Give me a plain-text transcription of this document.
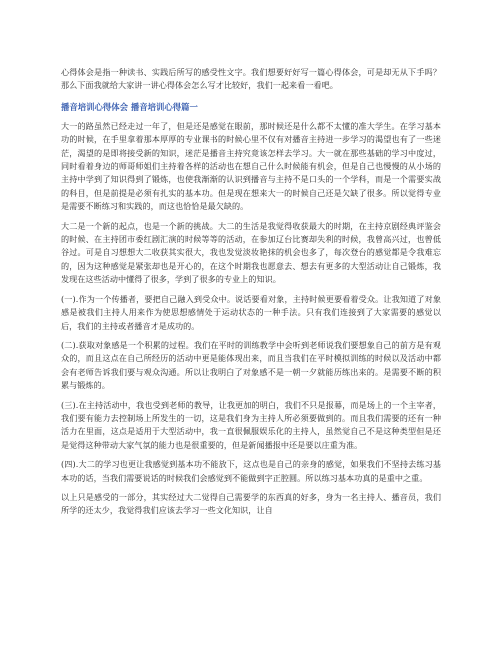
心得体会是指一种读书、实践后所写的感受性文字。我们想要好好写一篇心得体会，可是却无从下手吗？那么下面我就给大家讲一讲心得体会怎么写才比较好，我们一起来看一看吧。

播音培训心得体会 播音培训心得篇一

大一的路虽然已经走过一年了，但是还是感觉在眼前，那时候还是什么都不太懂的准大学生。在学习基本功的时候，在手里拿着那本厚厚的专业课书的时候心里不仅有对播音主持进一步学习的渴望也有了一些迷茫，渴望的是即将接受新的知识，迷茫是播音主持究竟该怎样去学习。大一就在那些基础的学习中度过，同时看着身边的师哥师姐们主持着各样的活动也在想自己什么时候能有机会，但是自己也慢慢的从小场的主持中学到了知识得到了锻炼，也使我渐渐的认识到播音与主持不是口头的一个学科，而是一个需要实战的科目，但是前提是必须有扎实的基本功。但是现在想来大一的时候自己还是欠缺了很多。所以觉得专业是需要不断练习和实践的，而这也恰恰是最欠缺的。

大二是一个新的起点，也是一个新的挑战。大二的生活是我觉得收获最大的时期，在主持京剧经典评鉴会的时候、在主持团市委红剧汇演的时候等等的活动，在参加辽台比赛却失利的时候，我曾高兴过，也曾低谷过。可是自习想想大二收获其实很大，我也发觉淡妆艳抹的机会也多了，每次登台的感觉都是令我难忘的，因为这种感觉是紧张却也是开心的，在这个时期我也愿意去、想去有更多的大型活动让自己锻炼，我发现在这些活动中懂得了很多，学到了很多的专业上的知识。

(一).作为一个传播者，要把自己融入到受众中。说话要看对象，主持时候更要看着受众。让我知道了对象感是被我们主持人用来作为使思想感情处于运动状态的一种手法。只有我们连接到了大家需要的感觉以后，我们的主持或者播音才是成功的。

(二).获取对象感是一个积累的过程。我们在平时的训练教学中会听到老师说我们要想象自己的前方是有观众的，而且这点在自己所经历的活动中更是能体现出来，而且当我们在平时模拟训练的时候以及活动中都会有老师告诉我们要与观众沟通。所以让我明白了对象感不是一朝一夕就能历练出来的。是需要不断的积累与锻炼的。

(三).在主持活动中，我也受到老师的教导，让我更加的明白，我们不只是报幕，而是场上的一个主宰者，我们要有能力去控制场上所发生的一切，这是我们身为主持人所必须要做到的。而且我们需要的还有一种活力在里面，这点是适用于大型活动中，我一直很佩服娱乐化的主持人，虽然觉自己不是这种类型但是还是觉得这种带动大家气氛的能力也是很重要的，但是新闻播报中还是要以庄重为准。

(四).大二的学习也更让我感觉到基本功不能放下，这点也是自己的亲身的感觉，如果我们不坚持去练习基本功的话，当我们需要说话的时候我们会感觉到不能做到字正腔圆。所以练习基本功真的是重中之重。

以上只是感受的一部分，其实经过大二觉得自己需要学的东西真的好多，身为一名主持人、播音员，我们所学的还太少，我觉得我们应该去学习一些文化知识，让自
